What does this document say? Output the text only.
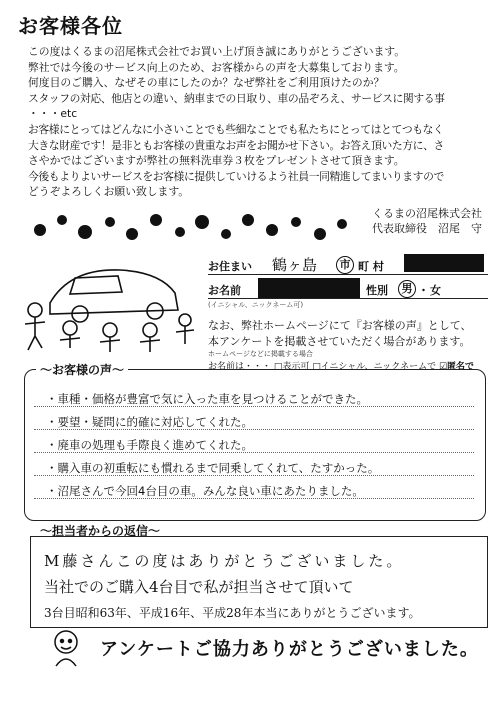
お客様各位

この度はくるまの沼尾株式会社でお買い上げ頂き誠にありがとうございます。

弊社では今後のサービス向上のため、お客様からの声を大募集しております。

何度目のご購入、なぜその車にしたのか？なぜ弊社をご利用頂けたのか？

スタッフの対応、他店との違い、納車までの日取り、車の品ぞろえ、サービスに関する事

・・・etc

お客様にとってはどんなに小さいことでも些細なことでも私たちにとってはとてつもなく

大きな財産です！是非ともお客様の貴重なお声をお聞かせ下さい。お答え頂いた方に、さ

さやかではございますが弊社の無料洗車券３枚をプレゼントさせて頂きます。

今後もよりよいサービスをお客様に提供していけるよう社員一同精進してまいりますので

どうぞよろしくお願い致します。

くるまの沼尾株式会社
代表取締役　沼尾　守
お住まい 鶴ヶ島	市 町 村
お名前	性別	男 ・ 女
(イニシャル、ニックネーム可)
なお、弊社ホームページにて『お客様の声』として、
本アンケートを掲載させていただく場合があります。
ホームページなどに掲載する場合
お名前は・・・ □表示可 □イニシャル、ニックネームで ☑匿名で
～お客様の声～
・車種・価格が豊富で気に入った車を見つけることができた。
・要望・疑問に的確に対応してくれた。
・廃車の処理も手際良く進めてくれた。
・購入車の初重転にも慣れるまで同乗してくれて、たすかった。
・沼尾さんで今回4台目の車。みんな良い車にあたりました。
～担当者からの返信～
M藤さんこの度はありがとうございました。
当社でのご購入4台目で私が担当させて頂いて
3台目昭和63年、平成16年、平成28年本当にありがとうございます。
アンケートご協力ありがとうございました。
